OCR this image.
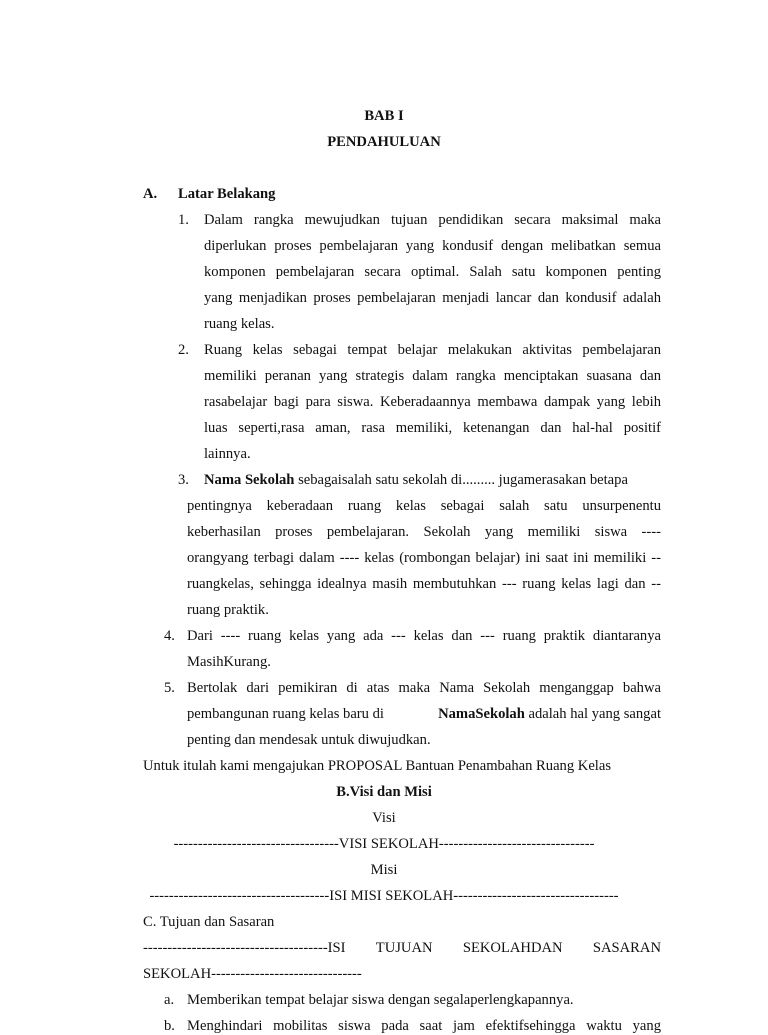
BAB I
PENDAHULUAN
A. Latar Belakang
1. Dalam rangka mewujudkan tujuan pendidikan secara maksimal maka
diperlukan proses pembelajaran yang kondusif dengan melibatkan semua
komponen pembelajaran secara optimal. Salah satu komponen penting
yang menjadikan proses pembelajaran menjadi lancar dan kondusif adalah
ruang kelas.
2. Ruang kelas sebagai tempat belajar melakukan aktivitas pembelajaran
memiliki peranan yang strategis dalam rangka menciptakan suasana dan
rasabelajar bagi para siswa. Keberadaannya membawa dampak yang lebih
luas seperti,rasa aman, rasa memiliki, ketenangan dan hal-hal positif
lainnya.
3. Nama Sekolah sebagaisalah satu sekolah di......... jugamerasakan betapa
pentingnya keberadaan ruang kelas sebagai salah satu unsurpenentu
keberhasilan proses pembelajaran. Sekolah yang memiliki siswa ----
orangyang terbagi dalam ---- kelas (rombongan belajar) ini saat ini memiliki --
ruangkelas, sehingga idealnya masih membutuhkan --- ruang kelas lagi dan --
ruang praktik.
4. Dari ---- ruang kelas yang ada --- kelas dan --- ruang praktik diantaranya
MasihKurang.
5. Bertolak dari pemikiran di atas maka Nama Sekolah menganggap bahwa
pembangunan ruang kelas baru di	NamaSekolah adalah hal yang sangat
penting dan mendesak untuk diwujudkan.
Untuk itulah kami mengajukan PROPOSAL Bantuan Penambahan Ruang Kelas
B.Visi dan Misi
Visi
----------------------------------VISI SEKOLAH--------------------------------
Misi
-------------------------------------ISI MISI SEKOLAH----------------------------------
C. Tujuan dan Sasaran
--------------------------------------ISI TUJUAN SEKOLAHDAN SASARAN
SEKOLAH-------------------------------
a. Memberikan tempat belajar siswa dengan segalaperlengkapannya.
b. Menghindari mobilitas siswa pada saat jam efektifsehingga waktu yang
